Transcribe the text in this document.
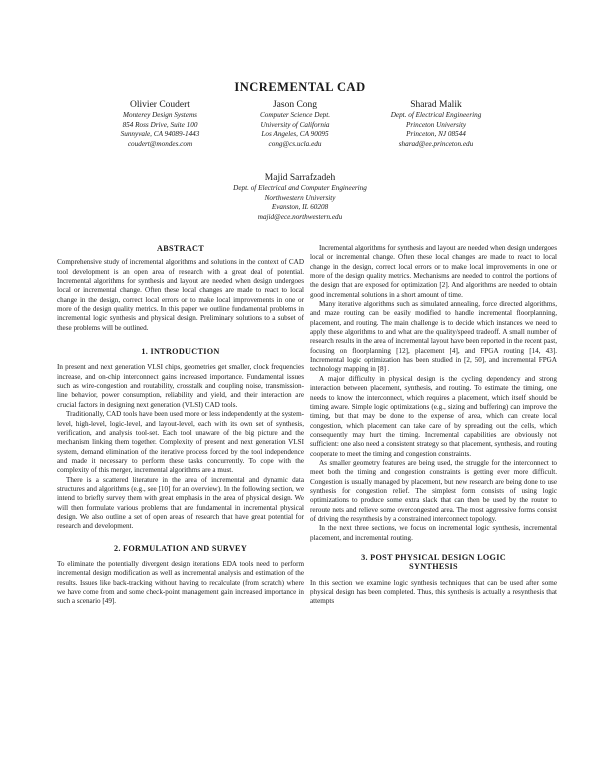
INCREMENTAL CAD
Olivier Coudert
Monterey Design Systems
854 Ross Drive, Suite 100
Sunnyvale, CA 94089-1443
coudert@mondes.com
Jason Cong
Computer Science Dept.
University of California
Los Angeles, CA 90095
cong@cs.ucla.edu
Sharad Malik
Dept. of Electrical Engineering
Princeton University
Princeton, NJ 08544
sharad@ee.princeton.edu
Majid Sarrafzadeh
Dept. of Electrical and Computer Engineering
Northwestern University
Evanston, IL 60208
majid@ece.northwestern.edu
ABSTRACT

Comprehensive study of incremental algorithms and solutions in the context of CAD tool development is an open area of research with a great deal of potential. Incremental algorithms for synthesis and layout are needed when design undergoes local or incremental change. Often these local changes are made to react to local change in the design, correct local errors or to make local improvements in one or more of the design quality metrics. In this paper we outline fundamental problems in incremental logic synthesis and physical design. Preliminary solutions to a subset of these problems will be outlined.

1. INTRODUCTION

In present and next generation VLSI chips, geometries get smaller, clock frequencies increase, and on-chip interconnect gains increased importance. Fundamental issues such as wire-congestion and routability, crosstalk and coupling noise, transmission-line behavior, power consumption, reliability and yield, and their interaction are crucial factors in designing next generation (VLSI) CAD tools.

Traditionally, CAD tools have been used more or less independently at the system-level, high-level, logic-level, and layout-level, each with its own set of synthesis, verification, and analysis tool-set. Each tool unaware of the big picture and the mechanism linking them together. Complexity of present and next generation VLSI system, demand elimination of the iterative process forced by the tool independence and made it necessary to perform these tasks concurrently. To cope with the complexity of this merger, incremental algorithms are a must.

There is a scattered literature in the area of incremental and dynamic data structures and algorithms (e.g., see [10] for an overview). In the following section, we intend to briefly survey them with great emphasis in the area of physical design. We will then formulate various problems that are fundamental in incremental physical design. We also outline a set of open areas of research that have great potential for research and development.

2. FORMULATION AND SURVEY

To eliminate the potentially divergent design iterations EDA tools need to perform incremental design modification as well as incremental analysis and estimation of the results. Issues like back-tracking without having to recalculate (from scratch) where we have come from and some check-point management gain increased importance in such a scenario [49].

Incremental algorithms for synthesis and layout are needed when design undergoes local or incremental change. Often these local changes are made to react to local change in the design, correct local errors or to make local improvements in one or more of the design quality metrics. Mechanisms are needed to control the portions of the design that are exposed for optimization [2]. And algorithms are needed to obtain good incremental solutions in a short amount of time.

Many iterative algorithms such as simulated annealing, force directed algorithms, and maze routing can be easily modified to handle incremental floorplanning, placement, and routing. The main challenge is to decide which instances we need to apply these algorithms to and what are the quality/speed tradeoff. A small number of research results in the area of incremental layout have been reported in the recent past, focusing on floorplanning [12], placement [4], and FPGA routing [14, 43]. Incremental logic optimization has been studied in [2, 50], and incremental FPGA technology mapping in [8] .

A major difficulty in physical design is the cycling dependency and strong interaction between placement, synthesis, and routing. To estimate the timing, one needs to know the interconnect, which requires a placement, which itself should be timing aware. Simple logic optimizations (e.g., sizing and buffering) can improve the timing, but that may be done to the expense of area, which can create local congestion, which placement can take care of by spreading out the cells, which consequently may hurt the timing. Incremental capabilities are obviously not sufficient: one also need a consistent strategy so that placement, synthesis, and routing cooperate to meet the timing and congestion constraints.

As smaller geometry features are being used, the struggle for the interconnect to meet both the timing and congestion constraints is getting ever more difficult. Congestion is usually managed by placement, but new research are being done to use synthesis for congestion relief. The simplest form consists of using logic optimizations to produce some extra slack that can then be used by the router to reroute nets and relieve some overcongested area. The most aggressive forms consist of driving the resynthesis by a constrained interconnect topology.

In the next three sections, we focus on incremental logic synthesis, incremental placement, and incremental routing.

3. POST PHYSICAL DESIGN LOGIC
SYNTHESIS

In this section we examine logic synthesis techniques that can be used after some physical design has been completed. Thus, this synthesis is actually a resynthesis that attempts
